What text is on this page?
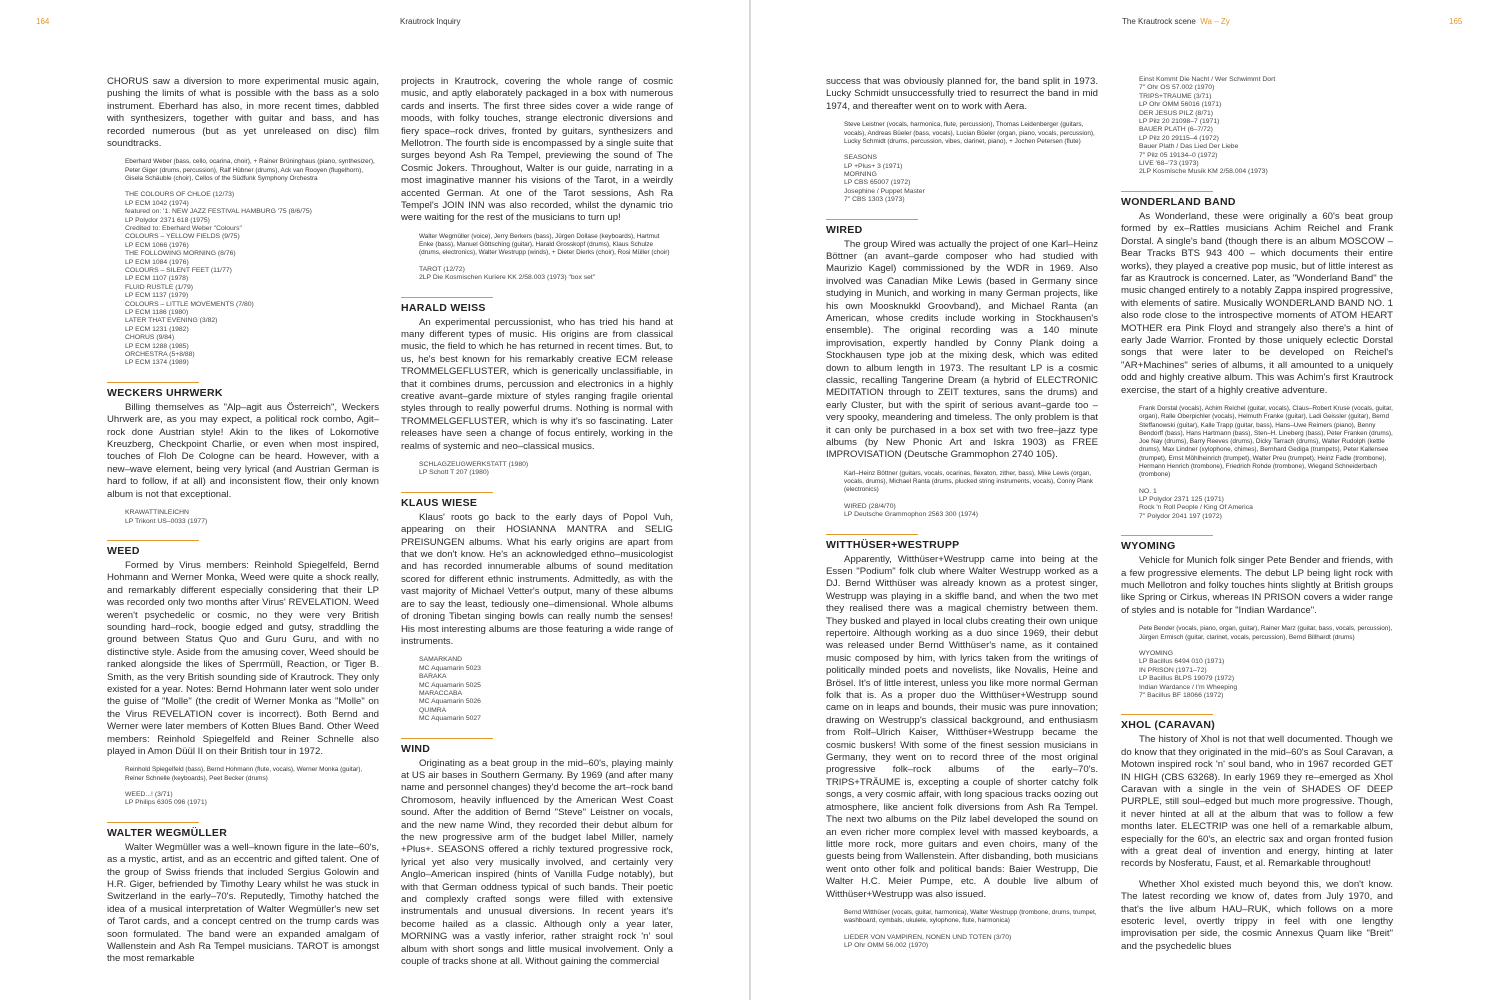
164	Krautrock Inquiry
CHORUS saw a diversion to more experimental music again, pushing the limits of what is possible with the bass as a solo instrument. Eberhard has also, in more recent times, dabbled with synthesizers, together with guitar and bass, and has recorded numerous (but as yet unreleased on disc) film soundtracks.
Eberhard Weber (bass, cello, ocarina, choir), + Rainer Brüninghaus (piano, synthesizer), Peter Giger (drums, percussion), Ralf Hübner (drums), Ack van Rooyen (flugelhorn), Gisela Schäuble (choir), Cellos of the Südfunk Symphony Orchestra
THE COLOURS OF CHLOE (12/73)
LP ECM 1042 (1974)
featured on: '1. NEW JAZZ FESTIVAL HAMBURG '75 (8/6/75)
LP Polydor 2371 618 (1975)
Credited to: Eberhard Weber "Colours"
COLOURS – YELLOW FIELDS (9/75)
LP ECM 1066 (1976)
THE FOLLOWING MORNING (8/76)
LP ECM 1084 (1976)
COLOURS – SILENT FEET (11/77)
LP ECM 1107 (1978)
FLUID RUSTLE (1/79)
LP ECM 1137 (1979)
COLOURS – LITTLE MOVEMENTS (7/80)
LP ECM 1186 (1980)
LATER THAT EVENING (3/82)
LP ECM 1231 (1982)
CHORUS (9/84)
LP ECM 1288 (1985)
ORCHESTRA (5+8/88)
LP ECM 1374 (1989)
WECKERS UHRWERK
Billing themselves as "Alp–agit aus Österreich", Weckers Uhrwerk are, as you may expect, a political rock combo, Agit–rock done Austrian style! Akin to the likes of Lokomotive Kreuzberg, Checkpoint Charlie, or even when most inspired, touches of Floh De Cologne can be heard. However, with a new–wave element, being very lyrical (and Austrian German is hard to follow, if at all) and inconsistent flow, their only known album is not that exceptional.
KRAWATTINLEICHN
LP Trikont US–0033 (1977)
WEED
Formed by Virus members: Reinhold Spiegelfeld, Bernd Hohmann and Werner Monka, Weed were quite a shock really, and remarkably different especially considering that their LP was recorded only two months after Virus' REVELATION. Weed weren't psychedelic or cosmic, no they were very British sounding hard–rock, boogie edged and gutsy, straddling the ground between Status Quo and Guru Guru, and with no distinctive style. Aside from the amusing cover, Weed should be ranked alongside the likes of Sperrmüll, Reaction, or Tiger B. Smith, as the very British sounding side of Krautrock. They only existed for a year. Notes: Bernd Hohmann later went solo under the guise of "Molle" (the credit of Werner Monka as "Molle" on the Virus REVELATION cover is incorrect). Both Bernd and Werner were later members of Kotten Blues Band. Other Weed members: Reinhold Spiegelfeld and Reiner Schnelle also played in Amon Düül II on their British tour in 1972.
Reinhold Spiegelfeld (bass), Bernd Hohmann (flute, vocals), Werner Monka (guitar), Reiner Schnelle (keyboards), Peet Becker (drums)
WEED...! (3/71)
LP Philips 6305 096 (1971)
WALTER WEGMÜLLER
Walter Wegmüller was a well–known figure in the late–60's, as a mystic, artist, and as an eccentric and gifted talent. One of the group of Swiss friends that included Sergius Golowin and H.R. Giger, befriended by Timothy Leary whilst he was stuck in Switzerland in the early–70's. Reputedly, Timothy hatched the idea of a musical interpretation of Walter Wegmüller's new set of Tarot cards, and a concept centred on the trump cards was soon formulated. The band were an expanded amalgam of Wallenstein and Ash Ra Tempel musicians. TAROT is amongst the most remarkable
projects in Krautrock, covering the whole range of cosmic music, and aptly elaborately packaged in a box with numerous cards and inserts. The first three sides cover a wide range of moods, with folky touches, strange electronic diversions and fiery space–rock drives, fronted by guitars, synthesizers and Mellotron. The fourth side is encompassed by a single suite that surges beyond Ash Ra Tempel, previewing the sound of The Cosmic Jokers. Throughout, Walter is our guide, narrating in a most imaginative manner his visions of the Tarot, in a weirdly accented German. At one of the Tarot sessions, Ash Ra Tempel's JOIN INN was also recorded, whilst the dynamic trio were waiting for the rest of the musicians to turn up!
Walter Wegmüller (voice), Jerry Berkers (bass), Jürgen Dollase (keyboards), Hartmut Enke (bass), Manuel Göttsching (guitar), Harald Grosskopf (drums), Klaus Schulze (drums, electronics), Walter Westrupp (winds), + Dieter Dierks (choir), Rosi Müller (choir)
TAROT (12/72)
2LP Die Kosmischen Kuriere KK 2/58.003 (1973) "box set"
HARALD WEISS
An experimental percussionist, who has tried his hand at many different types of music. His origins are from classical music, the field to which he has returned in recent times. But, to us, he's best known for his remarkably creative ECM release TROMMELGEFLUSTER, which is generically unclassifiable, in that it combines drums, percussion and electronics in a highly creative avant–garde mixture of styles ranging fragile oriental styles through to really powerful drums. Nothing is normal with TROMMELGEFLUSTER, which is why it's so fascinating. Later releases have seen a change of focus entirely, working in the realms of systemic and neo–classical musics.
SCHLAGZEUGWERKSTATT (1980)
LP Schott T 207 (1980)
KLAUS WIESE
Klaus' roots go back to the early days of Popol Vuh, appearing on their HOSIANNA MANTRA and SELIG PREISUNGEN albums. What his early origins are apart from that we don't know. He's an acknowledged ethno–musicologist and has recorded innumerable albums of sound meditation scored for different ethnic instruments. Admittedly, as with the vast majority of Michael Vetter's output, many of these albums are to say the least, tediously one–dimensional. Whole albums of droning Tibetan singing bowls can really numb the senses! His most interesting albums are those featuring a wide range of instruments.
SAMARKAND
MC Aquamarin 5023
BARAKA
MC Aquamarin 5025
MARACCABA
MC Aquamarin 5026
QUIMRA
MC Aquamarin 5027
WIND
Originating as a beat group in the mid–60's, playing mainly at US air bases in Southern Germany. By 1969 (and after many name and personnel changes) they'd become the art–rock band Chromosom, heavily influenced by the American West Coast sound. After the addition of Bernd "Steve" Leistner on vocals, and the new name Wind, they recorded their debut album for the new progressive arm of the budget label Miller, namely +Plus+. SEASONS offered a richly textured progressive rock, lyrical yet also very musically involved, and certainly very Anglo–American inspired (hints of Vanilla Fudge notably), but with that German oddness typical of such bands. Their poetic and complexly crafted songs were filled with extensive instrumentals and unusual diversions. In recent years it's become hailed as a classic. Although only a year later, MORNING was a vastly inferior, rather straight rock 'n' soul album with short songs and little musical involvement. Only a couple of tracks shone at all. Without gaining the commercial
The Krautrock scene Wa – Zy	165
success that was obviously planned for, the band split in 1973. Lucky Schmidt unsuccessfully tried to resurrect the band in mid 1974, and thereafter went on to work with Aera.
Steve Leistner (vocals, harmonica, flute, percussion), Thomas Leidenberger (guitars, vocals), Andreas Büeler (bass, vocals), Lucian Büeler (organ, piano, vocals, percussion), Lucky Schmidt (drums, percussion, vibes, clarinet, piano), + Jochen Petersen (flute)
SEASONS
LP +Plus+ 3 (1971)
MORNING
LP CBS 65007 (1972)
Josephine / Puppet Master
7" CBS 1303 (1973)
WIRED
The group Wired was actually the project of one Karl–Heinz Böttner (an avant–garde composer who had studied with Maurizio Kagel) commissioned by the WDR in 1969. Also involved was Canadian Mike Lewis (based in Germany since studying in Munich, and working in many German projects, like his own Moosknukkl Groovband), and Michael Ranta (an American, whose credits include working in Stockhausen's ensemble). The original recording was a 140 minute improvisation, expertly handled by Conny Plank doing a Stockhausen type job at the mixing desk, which was edited down to album length in 1973. The resultant LP is a cosmic classic, recalling Tangerine Dream (a hybrid of ELECTRONIC MEDITATION through to ZEIT textures, sans the drums) and early Cluster, but with the spirit of serious avant–garde too – very spooky, meandering and timeless. The only problem is that it can only be purchased in a box set with two free–jazz type albums (by New Phonic Art and Iskra 1903) as FREE IMPROVISATION (Deutsche Grammophon 2740 105).
Karl–Heinz Böttner (guitars, vocals, ocarinas, flexaton, zither, bass), Mike Lewis (organ, vocals, drums), Michael Ranta (drums, plucked string instruments, vocals), Conny Plank (electronics)
WIRED (28/4/70)
LP Deutsche Grammophon 2563 300 (1974)
WITTHÜSER+WESTRUPP
Apparently, Witthüser+Westrupp came into being at the Essen "Podium" folk club where Walter Westrupp worked as a DJ. Bernd Witthüser was already known as a protest singer, Westrupp was playing in a skiffle band, and when the two met they realised there was a magical chemistry between them. They busked and played in local clubs creating their own unique repertoire. Although working as a duo since 1969, their debut was released under Bernd Witthüser's name, as it contained music composed by him, with lyrics taken from the writings of politically minded poets and novelists, like Novalis, Heine and Brösel. It's of little interest, unless you like more normal German folk that is. As a proper duo the Witthüser+Westrupp sound came on in leaps and bounds, their music was pure innovation; drawing on Westrupp's classical background, and enthusiasm from Rolf–Ulrich Kaiser, Witthüser+Westrupp became the cosmic buskers! With some of the finest session musicians in Germany, they went on to record three of the most original progressive folk–rock albums of the early–70's. TRIPS+TRÄUME is, excepting a couple of shorter catchy folk songs, a very cosmic affair, with long spacious tracks oozing out atmosphere, like ancient folk diversions from Ash Ra Tempel. The next two albums on the Pilz label developed the sound on an even richer more complex level with massed keyboards, a little more rock, more guitars and even choirs, many of the guests being from Wallenstein. After disbanding, both musicians went onto other folk and political bands: Baier Westrupp, Die Walter H.C. Meier Pumpe, etc. A double live album of Witthüser+Westrupp was also issued.
Bernd Witthüser (vocals, guitar, harmonica), Walter Westrupp (trombone, drums, trumpet, washboard, cymbals, ukulele, xylophone, flute, harmonica)
LIEDER VON VAMPIREN, NONEN UND TOTEN (3/70)
LP Ohr OMM 56.002 (1970)
Einst Kommt Die Nacht / Wer Schwimmt Dort
7" Ohr OS 57.002 (1970)
TRIPS+TRÄUME (3/71)
LP Ohr OMM 56016 (1971)
DER JESUS PILZ (8/71)
LP Pilz 20 21098–7 (1971)
BAUER PLATH (6–7/72)
LP Pilz 20 29115–4 (1972)
Bauer Plath / Das Lied Der Liebe
7" Pilz 05 19134–0 (1972)
LIVE '68–'73 (1973)
2LP Kosmische Musik KM 2/58.004 (1973)
WONDERLAND BAND
As Wonderland, these were originally a 60's beat group formed by ex–Rattles musicians Achim Reichel and Frank Dorstal. A single's band (though there is an album MOSCOW – Bear Tracks BTS 943 400 – which documents their entire works), they played a creative pop music, but of little interest as far as Krautrock is concerned. Later, as "Wonderland Band" the music changed entirely to a notably Zappa inspired progressive, with elements of satire. Musically WONDERLAND BAND NO. 1 also rode close to the introspective moments of ATOM HEART MOTHER era Pink Floyd and strangely also there's a hint of early Jade Warrior. Fronted by those uniquely eclectic Dorstal songs that were later to be developed on Reichel's "AR+Machines" series of albums, it all amounted to a uniquely odd and highly creative album. This was Achim's first Krautrock exercise, the start of a highly creative adventure.
Frank Dorstal (vocals), Achim Reichel (guitar, vocals), Claus–Robert Kruse (vocals, guitar, organ), Ralle Oberpichler (vocals), Helmuth Franke (guitar), Ladi Geissler (guitar), Bernd Steffanowski (guitar), Kalle Trapp (guitar, bass), Hans–Uwe Reimers (piano), Benny Bendorff (bass), Hans Hartmann (bass), Sten–H. Lineberg (bass), Peter Franken (drums), Joe Nay (drums), Barry Reeves (drums), Dicky Tarrach (drums), Walter Rudolph (kettle drums), Max Lindner (xylophone, chimes), Bernhard Gediga (trumpets), Peter Kallensee (trumpet), Ernst Möhlheinrich (trumpet), Walter Preu (trumpet), Heinz Fadle (trombone), Hermann Henrich (trombone), Friedrich Rohde (trombone), Wiegand Schneiderbach (trombone)
NO. 1
LP Polydor 2371 125 (1971)
Rock 'n Roll People / King Of America
7" Polydor 2041 197 (1972)
WYOMING
Vehicle for Munich folk singer Pete Bender and friends, with a few progressive elements. The debut LP being light rock with much Mellotron and folky touches hints slightly at British groups like Spring or Cirkus, whereas IN PRISON covers a wider range of styles and is notable for "Indian Wardance".
Pete Bender (vocals, piano, organ, guitar), Rainer Marz (guitar, bass, vocals, percussion), Jürgen Ermisch (guitar, clarinet, vocals, percussion), Bernd Billhardt (drums)
WYOMING
LP Bacillus 6494 010 (1971)
IN PRISON (1971–72)
LP Bacillus BLPS 19079 (1972)
Indian Wardance / I'm Wheeping
7" Bacillus BF 18066 (1972)
XHOL (CARAVAN)
The history of Xhol is not that well documented. Though we do know that they originated in the mid–60's as Soul Caravan, a Motown inspired rock 'n' soul band, who in 1967 recorded GET IN HIGH (CBS 63268). In early 1969 they re–emerged as Xhol Caravan with a single in the vein of SHADES OF DEEP PURPLE, still soul–edged but much more progressive. Though, it never hinted at all at the album that was to follow a few months later. ELECTRIP was one hell of a remarkable album, especially for the 60's, an electric sax and organ fronted fusion with a great deal of invention and energy, hinting at later records by Nosferatu, Faust, et al. Remarkable throughout!
Whether Xhol existed much beyond this, we don't know. The latest recording we know of, dates from July 1970, and that's the live album HAU–RUK, which follows on a more esoteric level, overtly trippy in feel with one lengthy improvisation per side, the cosmic Annexus Quam like "Breit" and the psychedelic blues
